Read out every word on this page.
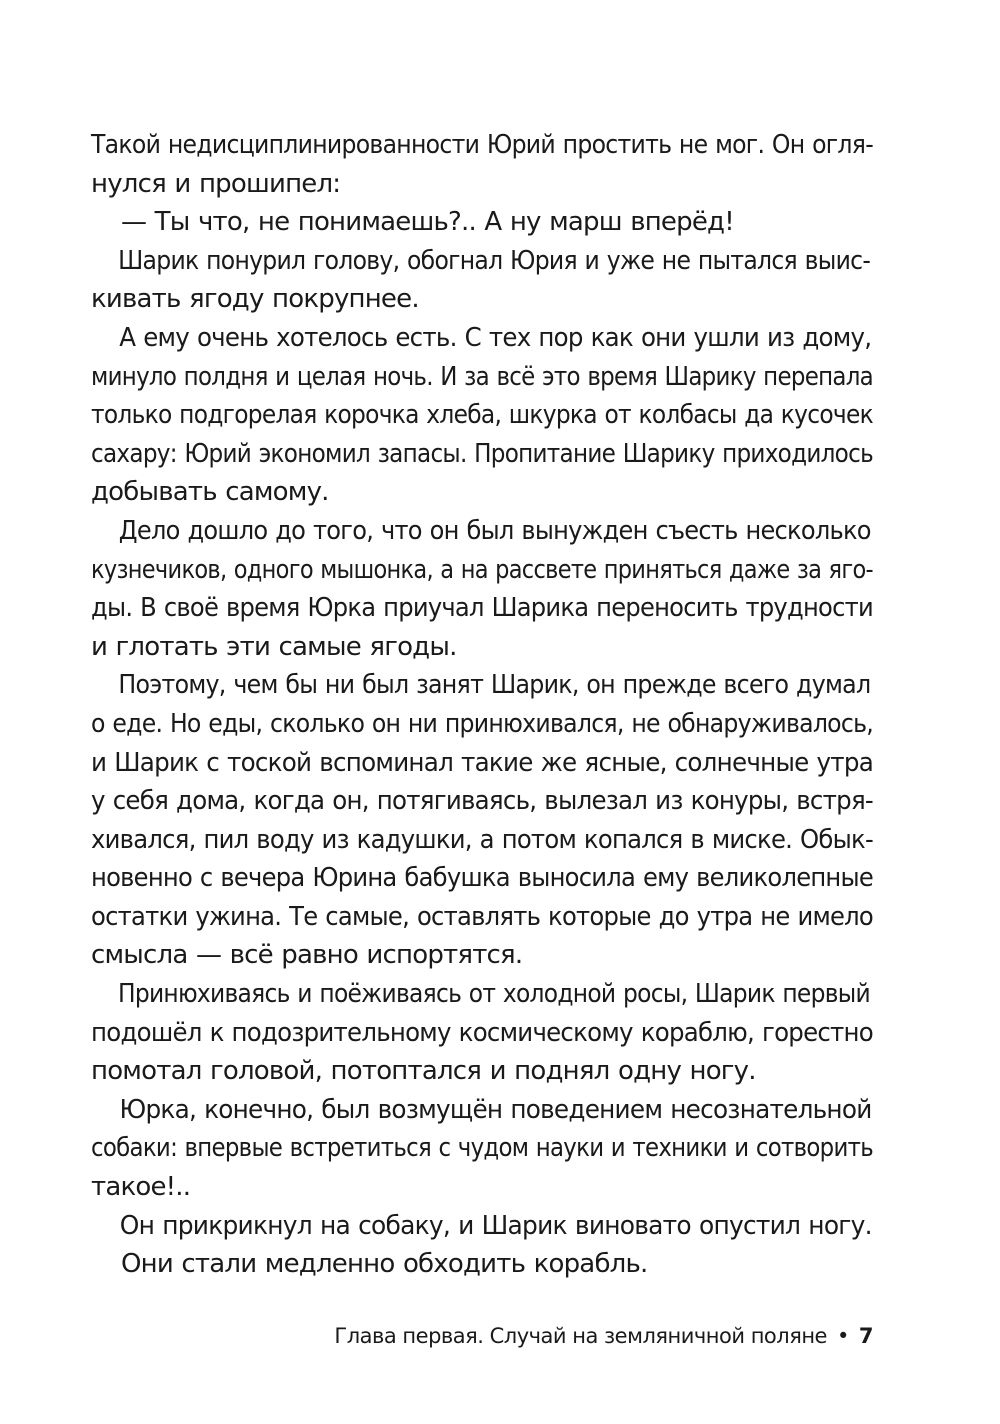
Такой недисциплинированности Юрий простить не мог. Он огля-
нулся и прошипел:
— Ты что, не понимаешь?.. А ну марш вперёд!
Шарик понурил голову, обогнал Юрия и уже не пытался выис-
кивать ягоду покрупнее.
А ему очень хотелось есть. С тех пор как они ушли из дому,
минуло полдня и целая ночь. И за всё это время Шарику перепала
только подгорелая корочка хлеба, шкурка от колбасы да кусочек
сахару: Юрий экономил запасы. Пропитание Шарику приходилось
добывать самому.
Дело дошло до того, что он был вынужден съесть несколько
кузнечиков, одного мышонка, а на рассвете приняться даже за яго-
ды. В своё время Юрка приучал Шарика переносить трудности
и глотать эти самые ягоды.
Поэтому, чем бы ни был занят Шарик, он прежде всего думал
о еде. Но еды, сколько он ни принюхивался, не обнаруживалось,
и Шарик с тоской вспоминал такие же ясные, солнечные утра
у себя дома, когда он, потягиваясь, вылезал из конуры, встря-
хивался, пил воду из кадушки, а потом копался в миске. Обык-
новенно с вечера Юрина бабушка выносила ему великолепные
остатки ужина. Те самые, оставлять которые до утра не имело
смысла — всё равно испортятся.
Принюхиваясь и поёживаясь от холодной росы, Шарик первый
подошёл к подозрительному космическому кораблю, горестно
помотал головой, потоптался и поднял одну ногу.
Юрка, конечно, был возмущён поведением несознательной
собаки: впервые встретиться с чудом науки и техники и сотворить
такое!..
Он прикрикнул на собаку, и Шарик виновато опустил ногу.
Они стали медленно обходить корабль.
Глава первая. Случай на земляничной поляне • 7
